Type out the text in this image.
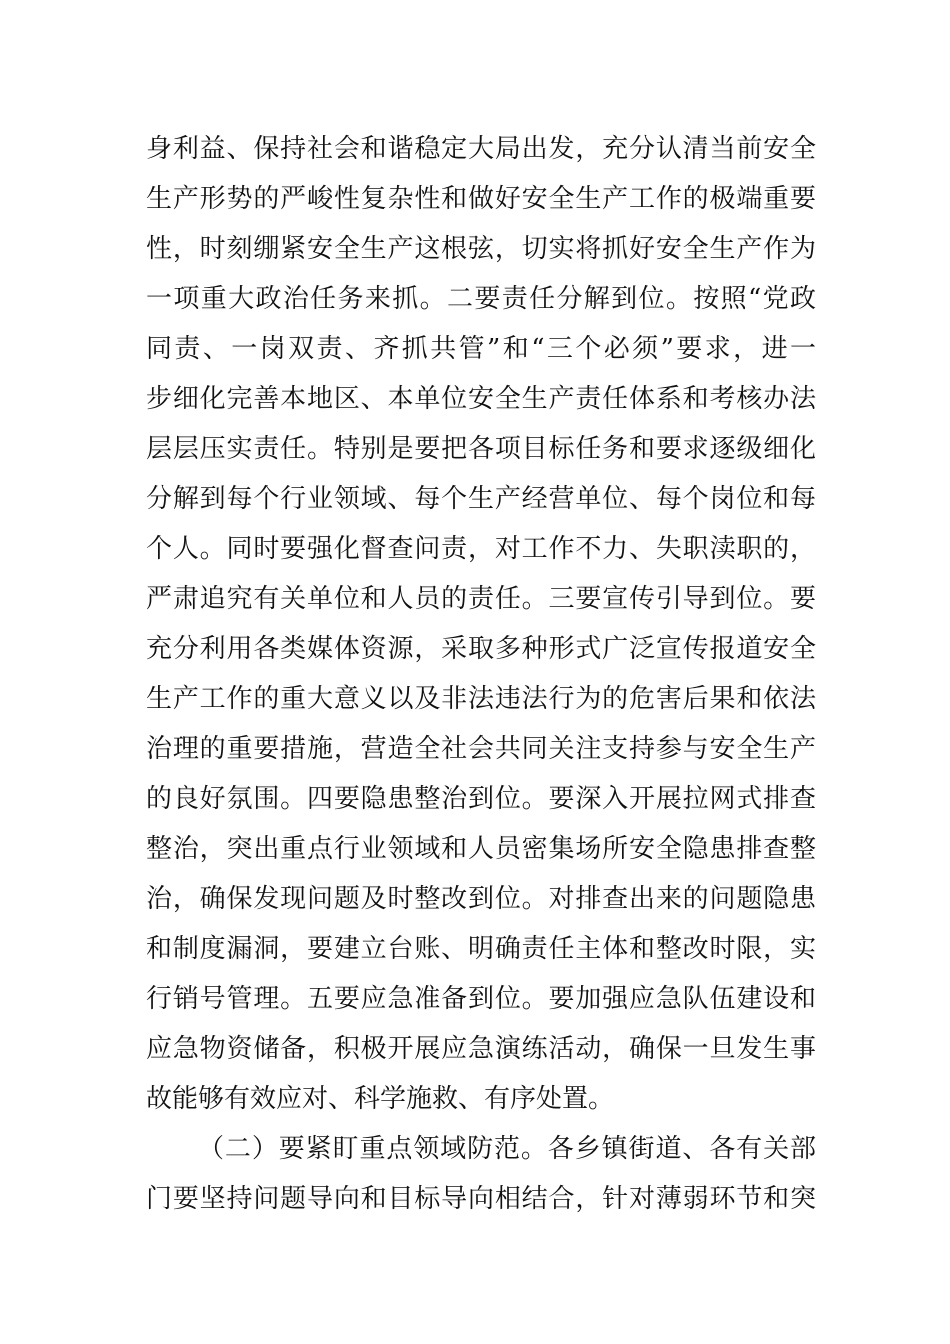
身利益、保持社会和谐稳定大局出发，充分认清当前安全
生产形势的严峻性复杂性和做好安全生产工作的极端重要
性，时刻绷紧安全生产这根弦，切实将抓好安全生产作为
一项重大政治任务来抓。二要责任分解到位。按照“党政
同责、一岗双责、齐抓共管”和“三个必须”要求，进一
步细化完善本地区、本单位安全生产责任体系和考核办法
层层压实责任。特别是要把各项目标任务和要求逐级细化
分解到每个行业领域、每个生产经营单位、每个岗位和每
个人。同时要强化督查问责，对工作不力、失职渎职的，
严肃追究有关单位和人员的责任。三要宣传引导到位。要
充分利用各类媒体资源，采取多种形式广泛宣传报道安全
生产工作的重大意义以及非法违法行为的危害后果和依法
治理的重要措施，营造全社会共同关注支持参与安全生产
的良好氛围。四要隐患整治到位。要深入开展拉网式排查
整治，突出重点行业领域和人员密集场所安全隐患排查整
治，确保发现问题及时整改到位。对排查出来的问题隐患
和制度漏洞，要建立台账、明确责任主体和整改时限，实
行销号管理。五要应急准备到位。要加强应急队伍建设和
应急物资储备，积极开展应急演练活动，确保一旦发生事
故能够有效应对、科学施救、有序处置。
（二）要紧盯重点领域防范。各乡镇街道、各有关部
门要坚持问题导向和目标导向相结合，针对薄弱环节和突
